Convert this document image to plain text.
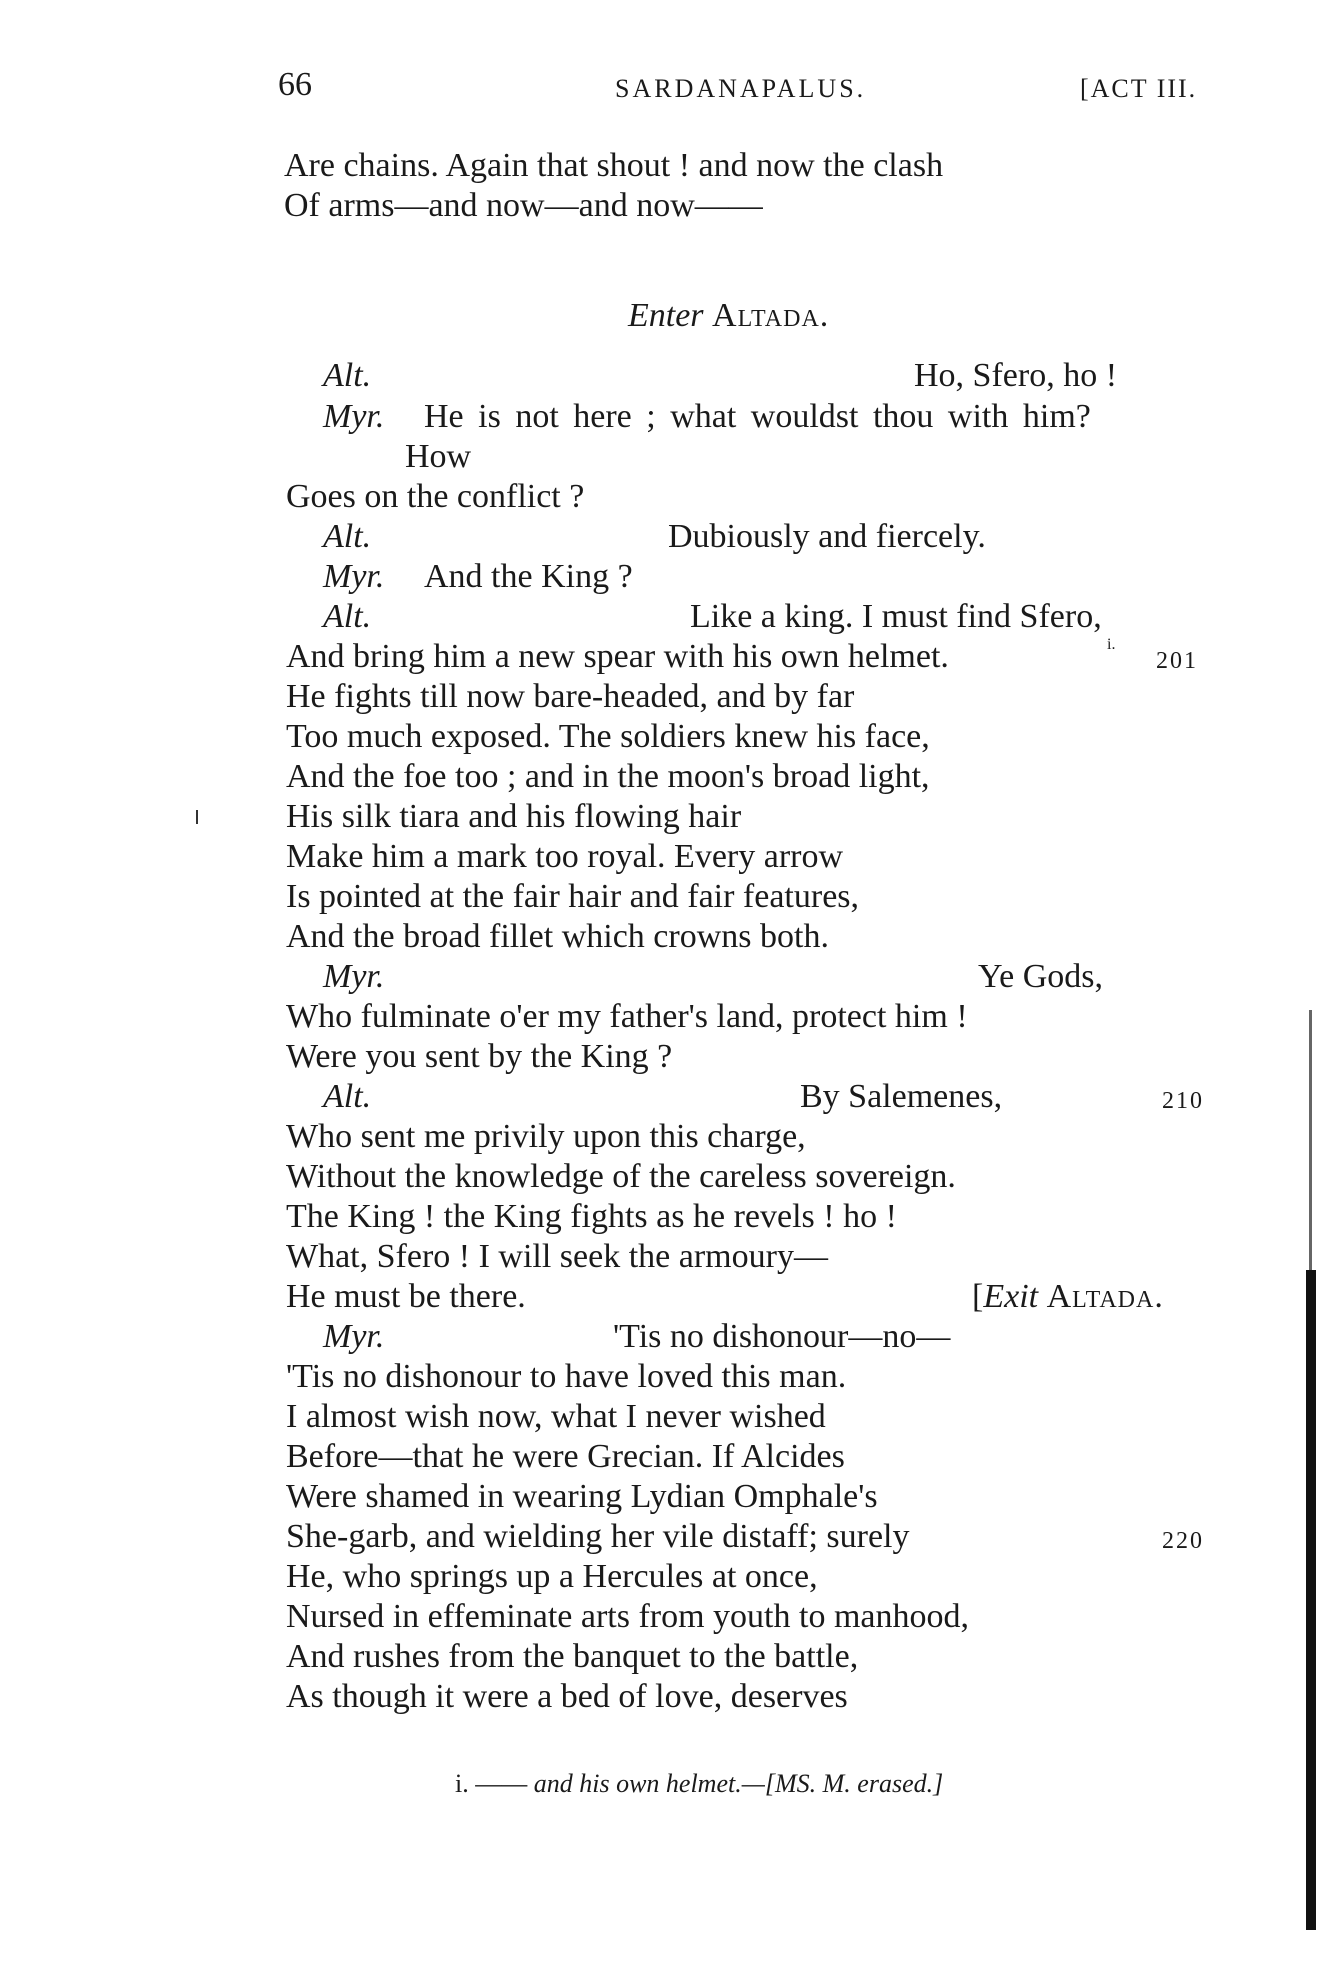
66	SARDANAPALUS.	[ACT III.
Are chains. Again that shout ! and now the clash
Of arms—and now—and now——
Enter Altada.
Alt.	Ho, Sfero, ho !
Myr. He is not here ; what wouldst thou with him?
How
Goes on the conflict ?
Alt.	Dubiously and fiercely.
Myr. And the King ?
Alt.	Like a king. I must find Sfero,
And bring him a new spear with his own helmet.	i.
201
He fights till now bare-headed, and by far
Too much exposed. The soldiers knew his face,
And the foe too ; and in the moon's broad light,
His silk tiara and his flowing hair
Make him a mark too royal. Every arrow
Is pointed at the fair hair and fair features,
And the broad fillet which crowns both.
Myr.	Ye Gods,
Who fulminate o'er my father's land, protect him !
Were you sent by the King ?
Alt.	By Salemenes,	210
Who sent me privily upon this charge,
Without the knowledge of the careless sovereign.
The King ! the King fights as he revels ! ho !
What, Sfero ! I will seek the armoury—
He must be there.	[Exit Altada.
Myr.	'Tis no dishonour—no—
'Tis no dishonour to have loved this man.
I almost wish now, what I never wished
Before—that he were Grecian. If Alcides
Were shamed in wearing Lydian Omphale's
She-garb, and wielding her vile distaff; surely	220
He, who springs up a Hercules at once,
Nursed in effeminate arts from youth to manhood,
And rushes from the banquet to the battle,
As though it were a bed of love, deserves
i. —— and his own helmet.—[MS. M. erased.]
